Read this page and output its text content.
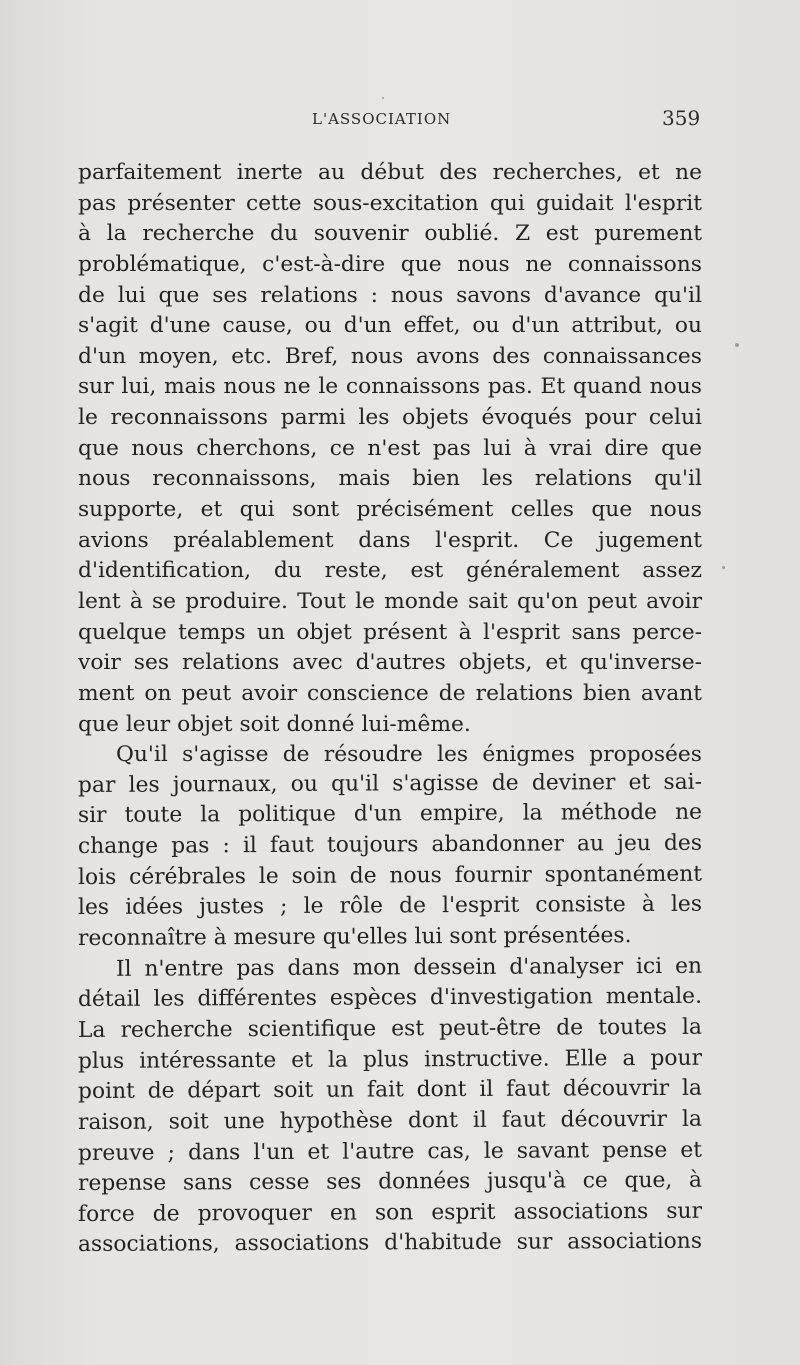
L'ASSOCIATION	359
parfaitement inerte au début des recherches, et ne
pas présenter cette sous-excitation qui guidait l'esprit
à la recherche du souvenir oublié. Z est purement
problématique, c'est-à-dire que nous ne connaissons
de lui que ses relations : nous savons d'avance qu'il
s'agit d'une cause, ou d'un effet, ou d'un attribut, ou
d'un moyen, etc. Bref, nous avons des connaissances
sur lui, mais nous ne le connaissons pas. Et quand nous
le reconnaissons parmi les objets évoqués pour celui
que nous cherchons, ce n'est pas lui à vrai dire que
nous reconnaissons, mais bien les relations qu'il
supporte, et qui sont précisément celles que nous
avions préalablement dans l'esprit. Ce jugement
d'identification, du reste, est généralement assez
lent à se produire. Tout le monde sait qu'on peut avoir
quelque temps un objet présent à l'esprit sans perce-
voir ses relations avec d'autres objets, et qu'inverse-
ment on peut avoir conscience de relations bien avant
que leur objet soit donné lui-même.
Qu'il s'agisse de résoudre les énigmes proposées
par les journaux, ou qu'il s'agisse de deviner et sai-
sir toute la politique d'un empire, la méthode ne
change pas : il faut toujours abandonner au jeu des
lois cérébrales le soin de nous fournir spontanément
les idées justes ; le rôle de l'esprit consiste à les
reconnaître à mesure qu'elles lui sont présentées.
Il n'entre pas dans mon dessein d'analyser ici en
détail les différentes espèces d'investigation mentale.
La recherche scientifique est peut-être de toutes la
plus intéressante et la plus instructive. Elle a pour
point de départ soit un fait dont il faut découvrir la
raison, soit une hypothèse dont il faut découvrir la
preuve ; dans l'un et l'autre cas, le savant pense et
repense sans cesse ses données jusqu'à ce que, à
force de provoquer en son esprit associations sur
associations, associations d'habitude sur associations
